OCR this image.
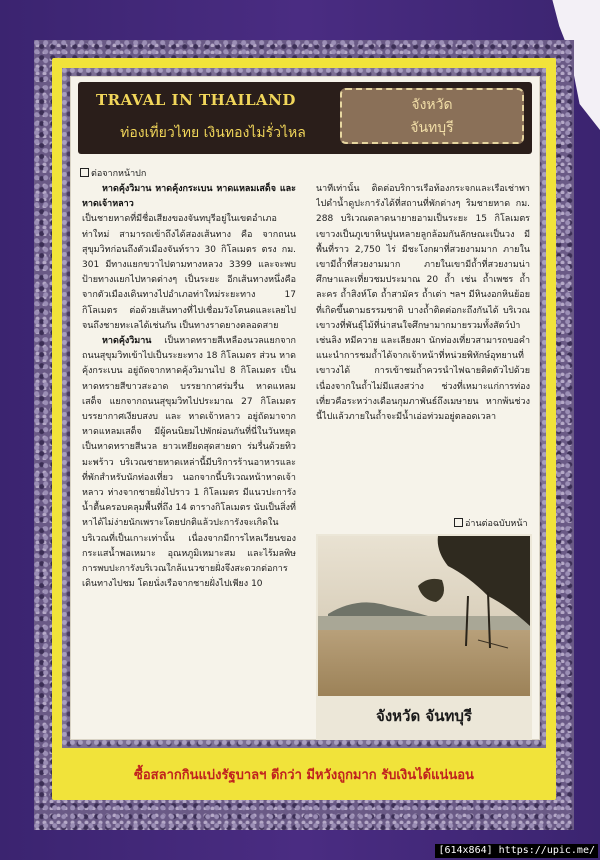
TRAVAL IN THAILAND
ท่องเที่ยวไทย เงินทองไม่รั่วไหล
จังหวัด
จันทบุรี
ต่อจากหน้าปก

หาดคุ้งวิมาน หาดคุ้งกระเบน หาดแหลมเสด็จ และหาดเจ้าหลาว

เป็นชายหาดที่มีชื่อเสียงของจันทบุรีอยู่ในเขตอำเภอท่าใหม่ สามารถเข้าถึงได้สองเส้นทาง คือ จากถนนสุขุมวิทก่อนถึงตัวเมืองจันท์ราว 30 กิโลเมตร ตรง กม. 301 มีทางแยกขวาไปตามทางหลวง 3399 และจะพบป้ายทางแยกไปหาดต่างๆ เป็นระยะ อีกเส้นทางหนึ่งคือจากตัวเมืองเดินทางไปอำเภอท่าใหม่ระยะทาง 17 กิโลเมตร ต่อด้วยเส้นทางที่ไปเชื่อมวังโตนดและเลยไปจนถึงชายทะเลได้เช่นกัน เป็นทางราดยางตลอดสาย

หาดคุ้งวิมาน เป็นหาดทรายสีเหลืองนวลแยกจากถนนสุขุมวิทเข้าไปเป็นระยะทาง 18 กิโลเมตร ส่วน หาดคุ้งกระเบน อยู่ถัดจากหาดคุ้งวิมานไป 8 กิโลเมตร เป็นหาดทรายสีขาวสะอาด บรรยากาศร่มรื่น หาดแหลมเสด็จ แยกจากถนนสุขุมวิทไปประมาณ 27 กิโลเมตร บรรยากาศเงียบสงบ และ หาดเจ้าหลาว อยู่ถัดมาจากหาดแหลมเสด็จ มีผู้คนนิยมไปพักผ่อนกันที่นี่ในวันหยุดเป็นหาดทรายสีนวล ยาวเหยียดสุดสายตา ร่มรื่นด้วยทิวมะพร้าว บริเวณชายหาดเหล่านี้มีบริการร้านอาหารและที่พักสำหรับนักท่องเที่ยว นอกจากนี้บริเวณหน้าหาดเจ้าหลาว ห่างจากชายฝั่งไปราว 1 กิโลเมตร มีแนวปะการังน้ำตื้นครอบคลุมพื้นที่ถึง 14 ตารางกิโลเมตร นับเป็นสิ่งที่หาได้ไม่ง่ายนักเพราะโดยปกติแล้วปะการังจะเกิดในบริเวณที่เป็นเกาะเท่านั้น เนื่องจากมีการไหลเวียนของกระแสน้ำพอเหมาะ อุณหภูมิเหมาะสม และไร้มลพิษ การพบปะการังบริเวณใกล้แนวชายฝั่งจึงสะดวกต่อการเดินทางไปชม โดยนั่งเรือจากชายฝั่งไปเพียง 10

นาทีเท่านั้น ติดต่อบริการเรือท้องกระจกและเรือเช่าพาไปดำน้ำดูปะการังได้ที่สถานที่พักต่างๆ ริมชายหาด กม. 288 บริเวณตลาดนายายอามเป็นระยะ 15 กิโลเมตร เขาวงเป็นภูเขาหินปูนหลายลูกล้อมกันลักษณะเป็นวง มีพื้นที่ราว 2,750 ไร่ มีชะโงกผาที่สวยงามมาก ภายในเขามีถ้ำที่สวยงามมาก ภายในเขามีถ้ำที่สวยงามน่าศึกษาและเที่ยวชมประมาณ 20 ถ้ำ เช่น ถ้ำเพชร ถ้ำละคร ถ้ำสิงห์โต ถ้ำสามัคร ถ้ำเต่า ฯลฯ มีหินงอกหินย้อยที่เกิดขึ้นตามธรรมชาติ บางถ้ำติดต่อกะถึงกันได้ บริเวณเขาวงที่พันธุ์ไม้ที่น่าสนใจศึกษามากมายรวมทั้งสัตว์ป่า เช่นลิง หมีควาย และเลียงผา นักท่องเที่ยวสามารถขอคำแนะนำการชมถ้ำได้จากเจ้าหน้าที่หน่วยพิทักษ์อุทยานที่เขาวงได้ การเข้าชมถ้ำควรนำไฟฉายติดตัวไปด้วยเนื่องจากในถ้ำไม่มีแสงสว่าง ช่วงที่เหมาะแก่การท่องเที่ยวคือระหว่างเดือนกุมภาพันธ์ถึงเมษายน หากพ้นช่วงนี้ไปแล้วภายในถ้ำจะมีน้ำเอ่อท่วมอยู่ตลอดเวลา

อ่านต่อฉบับหน้า
จังหวัด จันทบุรี
ซื้อสลากกินแบ่งรัฐบาลฯ ดีกว่า มีหวังถูกมาก รับเงินได้แน่นอน
[614x864] https://upic.me/
